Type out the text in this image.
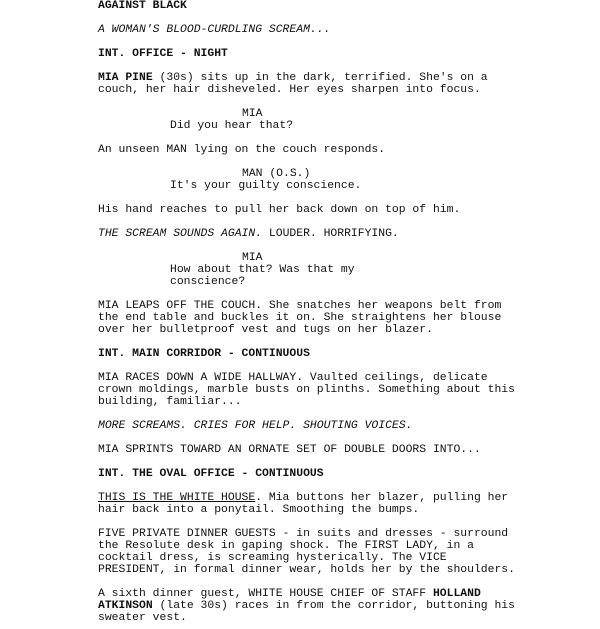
AGAINST BLACK
A WOMAN'S BLOOD-CURDLING SCREAM...
INT. OFFICE - NIGHT
MIA PINE (30s) sits up in the dark, terrified. She's on a
couch, her hair disheveled. Her eyes sharpen into focus.
MIA
Did you hear that?
An unseen MAN lying on the couch responds.
MAN (O.S.)
It's your guilty conscience.
His hand reaches to pull her back down on top of him.
THE SCREAM SOUNDS AGAIN. LOUDER. HORRIFYING.
MIA
How about that? Was that my
conscience?
MIA LEAPS OFF THE COUCH. She snatches her weapons belt from
the end table and buckles it on. She straightens her blouse
over her bulletproof vest and tugs on her blazer.
INT. MAIN CORRIDOR - CONTINUOUS
MIA RACES DOWN A WIDE HALLWAY. Vaulted ceilings, delicate
crown moldings, marble busts on plinths. Something about this
building, familiar...
MORE SCREAMS. CRIES FOR HELP. SHOUTING VOICES.
MIA SPRINTS TOWARD AN ORNATE SET OF DOUBLE DOORS INTO...
INT. THE OVAL OFFICE - CONTINUOUS
THIS IS THE WHITE HOUSE. Mia buttons her blazer, pulling her
hair back into a ponytail. Smoothing the bumps.
FIVE PRIVATE DINNER GUESTS - in suits and dresses - surround
the Resolute desk in gaping shock. The FIRST LADY, in a
cocktail dress, is screaming hysterically. The VICE
PRESIDENT, in formal dinner wear, holds her by the shoulders.
A sixth dinner guest, WHITE HOUSE CHIEF OF STAFF HOLLAND
ATKINSON (late 30s) races in from the corridor, buttoning his
sweater vest.
